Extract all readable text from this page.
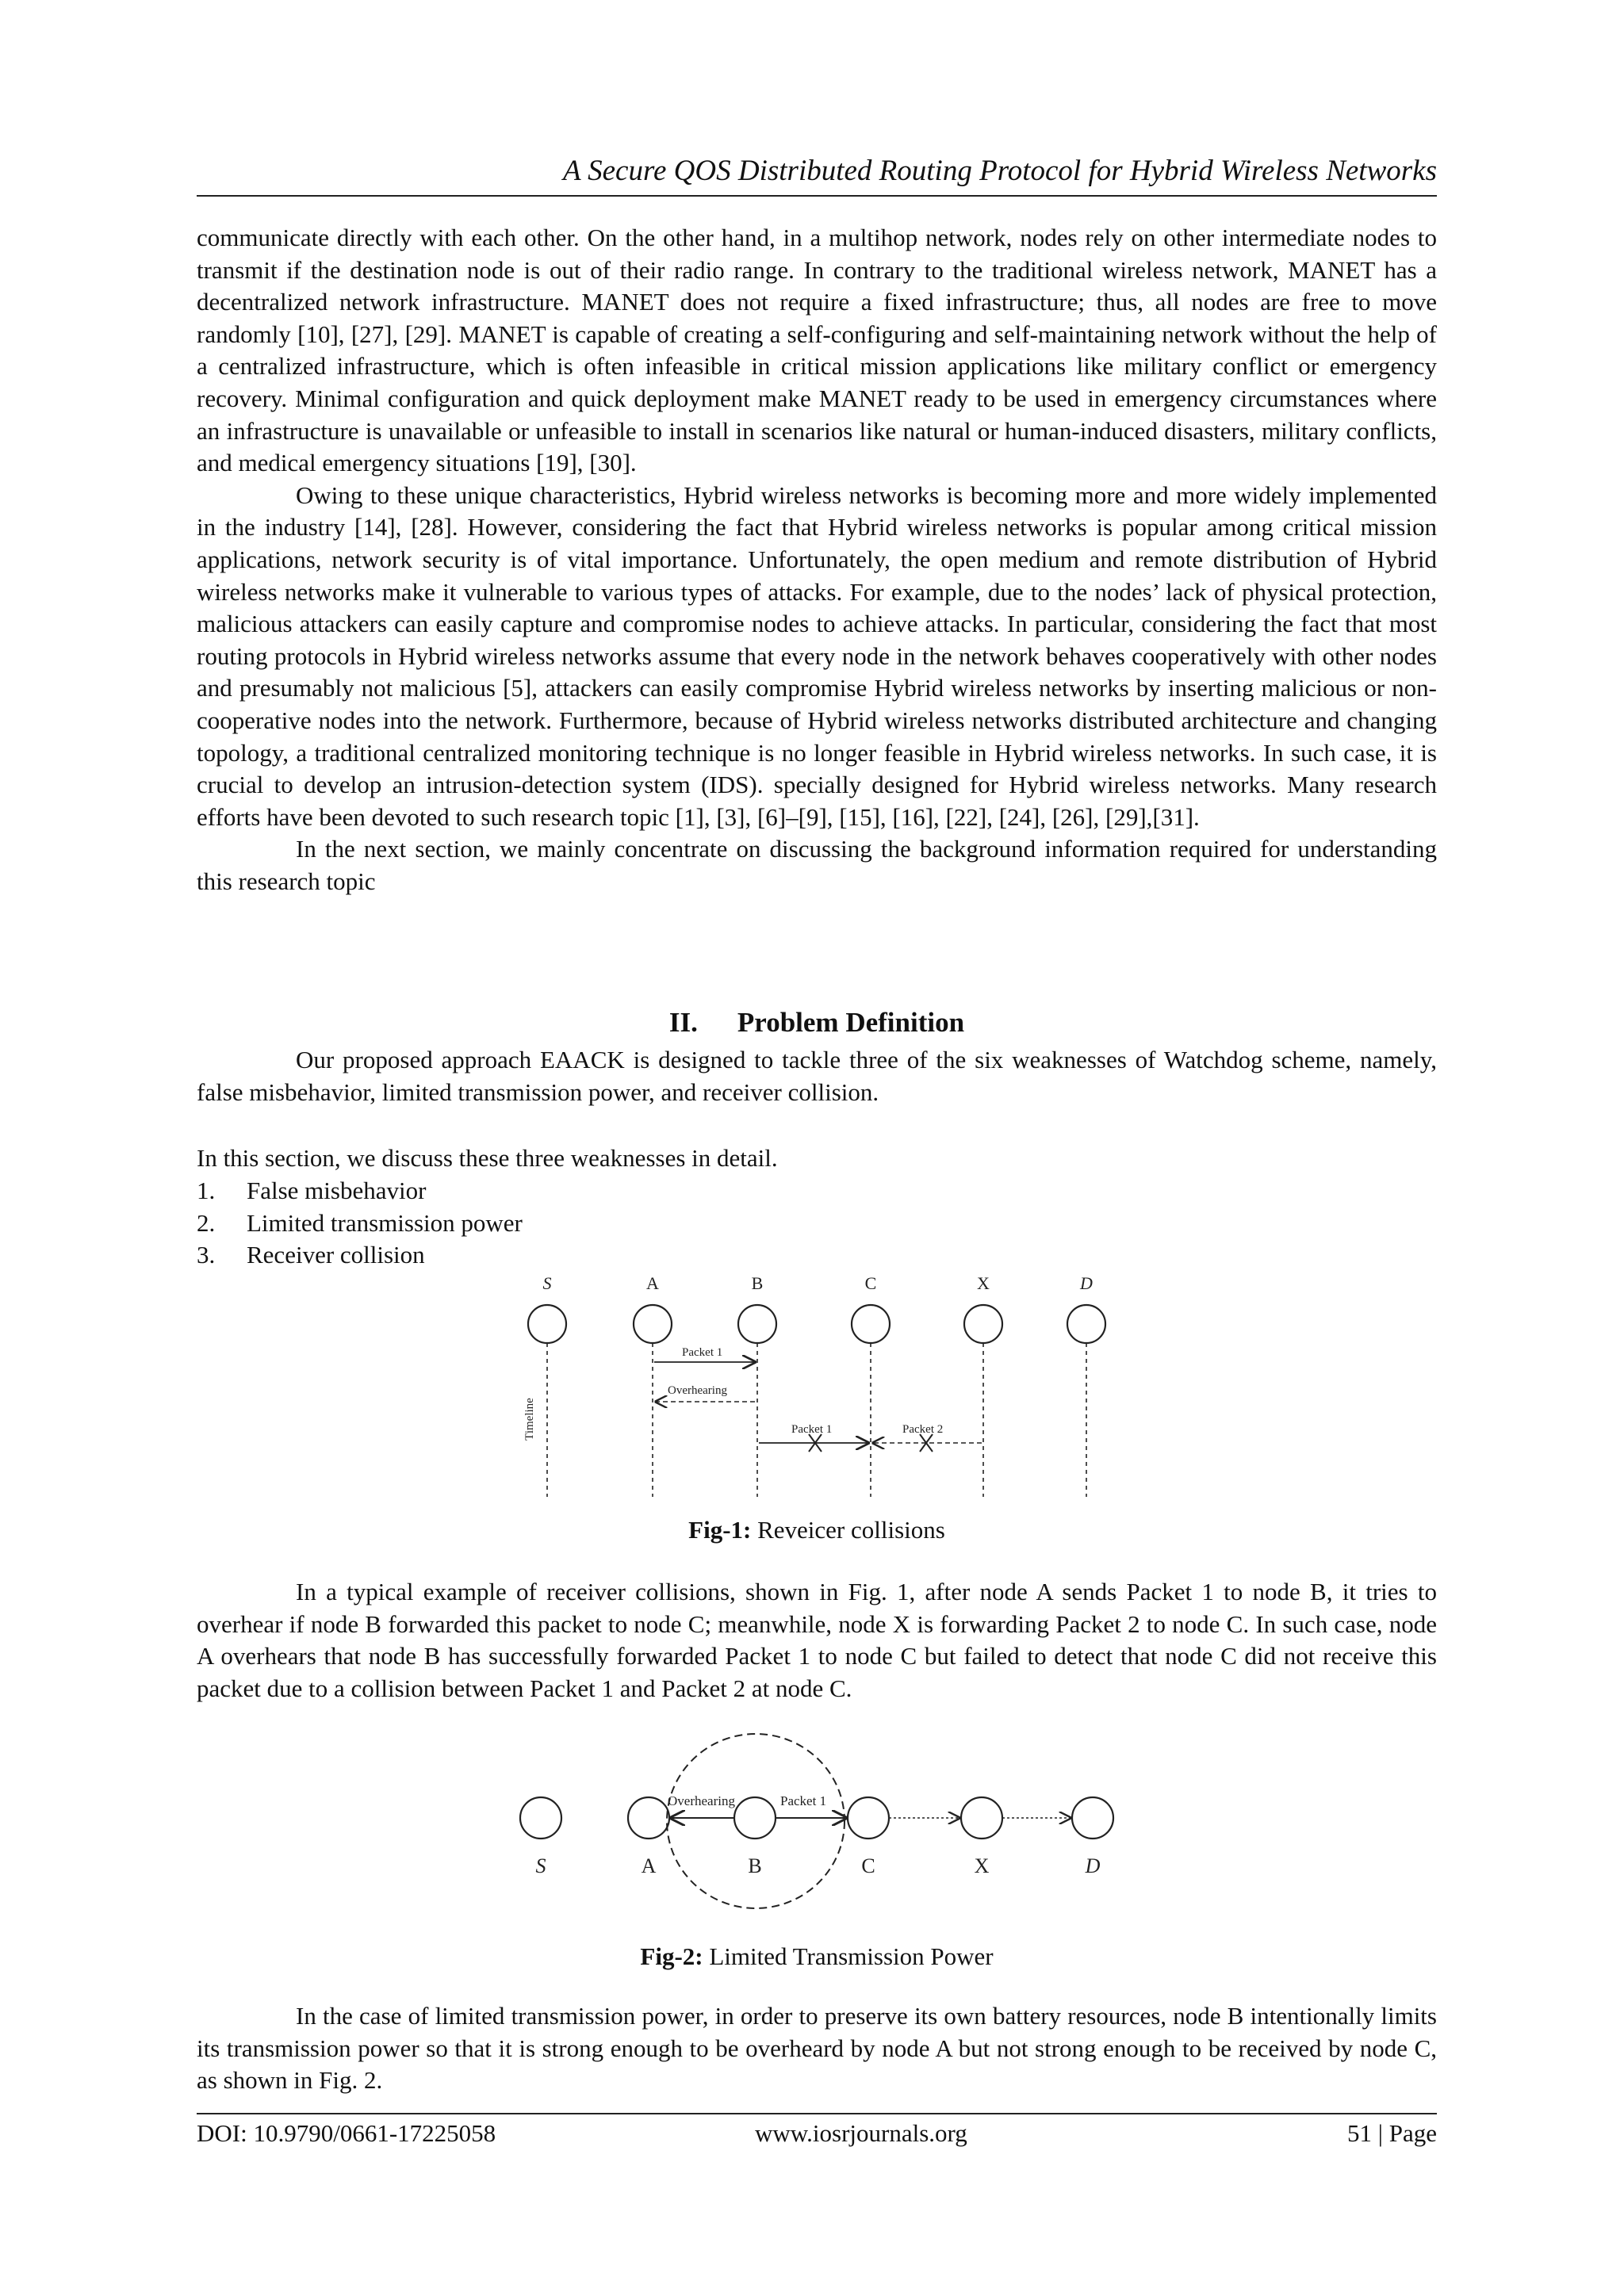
A Secure QOS Distributed Routing Protocol for Hybrid Wireless Networks

communicate directly with each other. On the other hand, in a multihop network, nodes rely on other intermediate nodes to transmit if the destination node is out of their radio range. In contrary to the traditional wireless network, MANET has a decentralized network infrastructure. MANET does not require a fixed infrastructure; thus, all nodes are free to move randomly [10], [27], [29]. MANET is capable of creating a self-configuring and self-maintaining network without the help of a centralized infrastructure, which is often infeasible in critical mission applications like military conflict or emergency recovery. Minimal configuration and quick deployment make MANET ready to be used in emergency circumstances where an infrastructure is unavailable or unfeasible to install in scenarios like natural or human-induced disasters, military conflicts, and medical emergency situations [19], [30].

Owing to these unique characteristics, Hybrid wireless networks is becoming more and more widely implemented in the industry [14], [28]. However, considering the fact that Hybrid wireless networks is popular among critical mission applications, network security is of vital importance. Unfortunately, the open medium and remote distribution of Hybrid wireless networks make it vulnerable to various types of attacks. For example, due to the nodes’ lack of physical protection, malicious attackers can easily capture and compromise nodes to achieve attacks. In particular, considering the fact that most routing protocols in Hybrid wireless networks assume that every node in the network behaves cooperatively with other nodes and presumably not malicious [5], attackers can easily compromise Hybrid wireless networks by inserting malicious or non-cooperative nodes into the network. Furthermore, because of Hybrid wireless networks distributed architecture and changing topology, a traditional centralized monitoring technique is no longer feasible in Hybrid wireless networks. In such case, it is crucial to develop an intrusion-detection system (IDS). specially designed for Hybrid wireless networks. Many research efforts have been devoted to such research topic [1], [3], [6]–[9], [15], [16], [22], [24], [26], [29],[31].

In the next section, we mainly concentrate on discussing the background information required for understanding this research topic

II. Problem Definition

Our proposed approach EAACK is designed to tackle three of the six weaknesses of Watchdog scheme, namely, false misbehavior, limited transmission power, and receiver collision.

In this section, we discuss these three weaknesses in detail.

1.	False misbehavior
2.	Limited transmission power
3.	Receiver collision
S	A	B	C	X	D
Timeline
Packet 1
Overhearing
Packet 1	Packet 2
Fig-1: Reveicer collisions

In a typical example of receiver collisions, shown in Fig. 1, after node A sends Packet 1 to node B, it tries to overhear if node B forwarded this packet to node C; meanwhile, node X is forwarding Packet 2 to node C. In such case, node A overhears that node B has successfully forwarded Packet 1 to node C but failed to detect that node C did not receive this packet due to a collision between Packet 1 and Packet 2 at node C.

Overhearing	Packet 1
S	A	B	C	X	D
Fig-2: Limited Transmission Power

In the case of limited transmission power, in order to preserve its own battery resources, node B intentionally limits its transmission power so that it is strong enough to be overheard by node A but not strong enough to be received by node C, as shown in Fig. 2.

DOI: 10.9790/0661-17225058	www.iosrjournals.org	51 | Page
